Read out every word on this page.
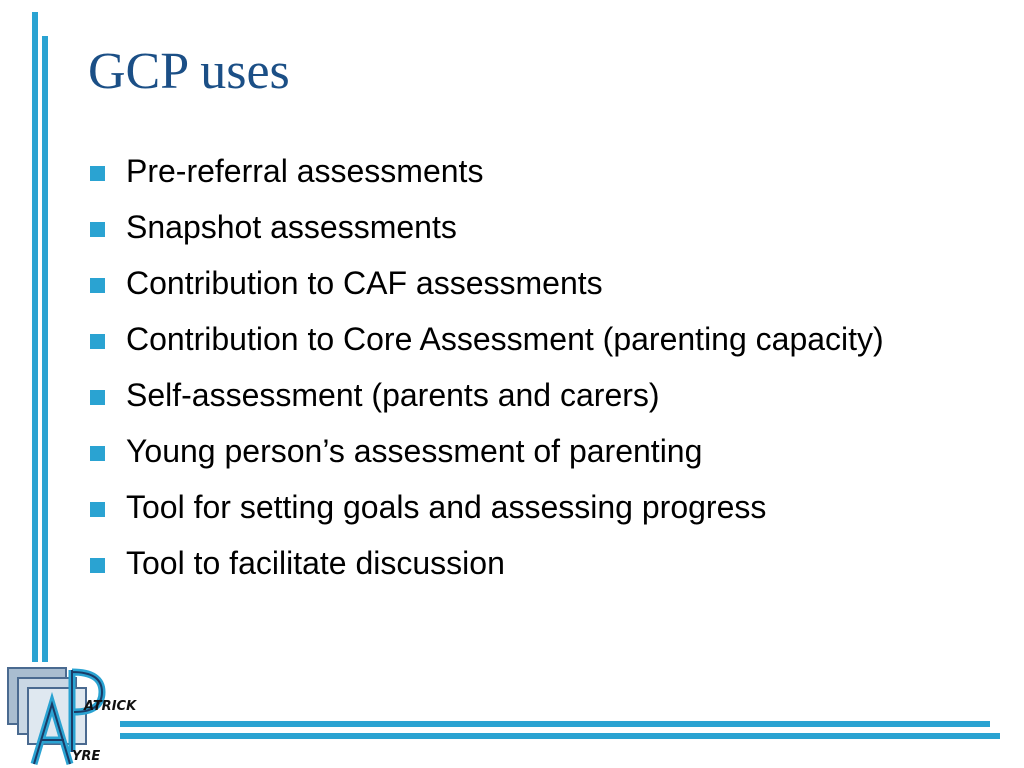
GCP uses
Pre-referral assessments
Snapshot assessments
Contribution to CAF assessments
Contribution to Core Assessment (parenting capacity)
Self-assessment (parents and carers)
Young person’s assessment of parenting
Tool for setting goals and assessing progress
Tool to facilitate discussion
ATRICK
YRE
